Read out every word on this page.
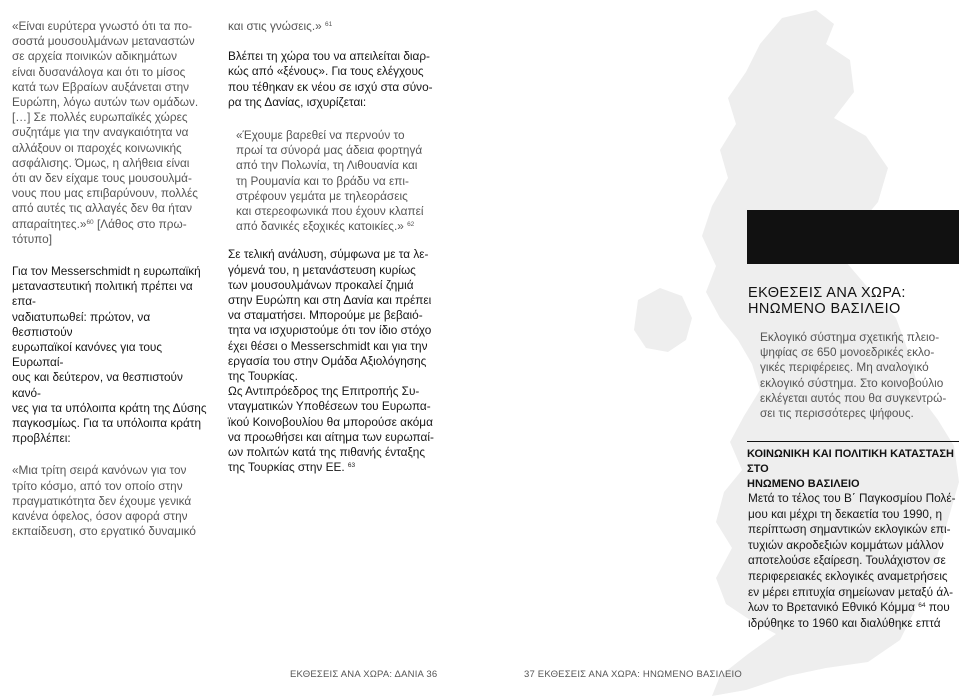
«Είναι ευρύτερα γνωστό ότι τα πο-

σοστά μουσουλμάνων μεταναστών

σε αρχεία ποινικών αδικημάτων

είναι δυσανάλογα και ότι το μίσος

κατά των Εβραίων αυξάνεται στην

Ευρώπη, λόγω αυτών των ομάδων.

[…] Σε πολλές ευρωπαϊκές χώρες

συζητάμε για την αναγκαιότητα να

αλλάξουν οι παροχές κοινωνικής

ασφάλισης. Όμως, η αλήθεια είναι

ότι αν δεν είχαμε τους μουσουλμά-

νους που μας επιβαρύνουν, πολλές

από αυτές τις αλλαγές δεν θα ήταν

απαραίτητες.»$^{60}$ [Λάθος στο πρω-

τότυπο]

Για τον Messerschmidt η ευρωπαϊκή

μεταναστευτική πολιτική πρέπει να επα-

ναδιατυπωθεί: πρώτον, να θεσπιστούν

ευρωπαϊκοί κανόνες για τους Ευρωπαί-

ους και δεύτερον, να θεσπιστούν κανό-

νες για τα υπόλοιπα κράτη της Δύσης

παγκοσμίως. Για τα υπόλοιπα κράτη

προβλέπει:

«Μια τρίτη σειρά κανόνων για τον

τρίτο κόσμο, από τον οποίο στην

πραγματικότητα δεν έχουμε γενικά

κανένα όφελος, όσον αφορά στην

εκπαίδευση, στο εργατικό δυναμικό

και στις γνώσεις.» $^{61}$

Βλέπει τη χώρα του να απειλείται διαρ-

κώς από «ξένους». Για τους ελέγχους

που τέθηκαν εκ νέου σε ισχύ στα σύνο-

ρα της Δανίας, ισχυρίζεται:

«Έχουμε βαρεθεί να περνούν το

πρωί τα σύνορά μας άδεια φορτηγά

από την Πολωνία, τη Λιθουανία και

τη Ρουμανία και το βράδυ να επι-

στρέφουν γεμάτα με τηλεοράσεις

και στερεοφωνικά που έχουν κλαπεί

από δανικές εξοχικές κατοικίες.» $^{62}$

Σε τελική ανάλυση, σύμφωνα με τα λε-

γόμενά του, η μετανάστευση κυρίως

των μουσουλμάνων προκαλεί ζημιά

στην Ευρώπη και στη Δανία και πρέπει

να σταματήσει. Μπορούμε με βεβαιό-

τητα να ισχυριστούμε ότι τον ίδιο στόχο

έχει θέσει ο Messerschmidt και για την

εργασία του στην Ομάδα Αξιολόγησης

της Τουρκίας.

Ως Αντιπρόεδρος της Επιτροπής Συ-

νταγματικών Υποθέσεων του Ευρωπα-

ϊκού Κοινοβουλίου θα μπορούσε ακόμα

να προωθήσει και αίτημα των ευρωπαί-

ων πολιτών κατά της πιθανής ένταξης

της Τουρκίας στην ΕΕ. $^{63}$

ΕΚΘΕΣΕΙΣ ΑΝΑ ΧΩΡΑ:
ΗΝΩΜΕΝΟ ΒΑΣΙΛΕΙΟ
Εκλογικό σύστημα σχετικής πλειο-
ψηφίας σε 650 μονοεδρικές εκλο-
γικές περιφέρειες. Μη αναλογικό
εκλογικό σύστημα. Στο κοινοβούλιο
εκλέγεται αυτός που θα συγκεντρώ-
σει τις περισσότερες ψήφους.
ΚΟΙΝΩΝΙΚΗ ΚΑΙ ΠΟΛΙΤΙΚΗ ΚΑΤΑΣΤΑΣΗ ΣΤΟ
ΗΝΩΜΕΝΟ ΒΑΣΙΛΕΙΟ
Μετά το τέλος του Β΄ Παγκοσμίου Πολέ-
μου και μέχρι τη δεκαετία του 1990, η
περίπτωση σημαντικών εκλογικών επι-
τυχιών ακροδεξιών κομμάτων μάλλον
αποτελούσε εξαίρεση. Τουλάχιστον σε
περιφερειακές εκλογικές αναμετρήσεις
εν μέρει επιτυχία σημείωναν μεταξύ άλ-
λων το Βρετανικό Εθνικό Κόμμα $^{64}$ που
ιδρύθηκε το 1960 και διαλύθηκε επτά
ΕΚΘΕΣΕΙΣ ΑΝΑ ΧΩΡΑ: ΔΑΝΙΑ 36	37 ΕΚΘΕΣΕΙΣ ΑΝΑ ΧΩΡΑ: ΗΝΩΜΕΝΟ ΒΑΣΙΛΕΙΟ
